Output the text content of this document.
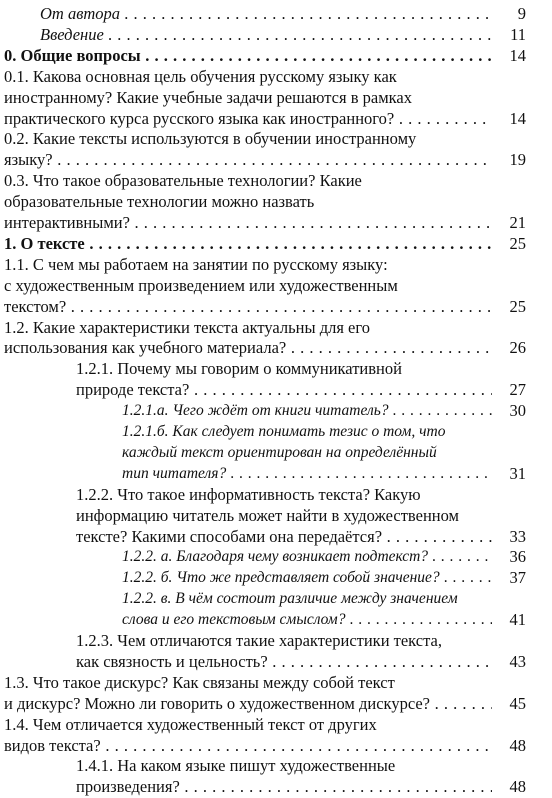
От автора . . .	9
Введение . . .	11
0. Общие вопросы . . .	14
0.1. Какова основная цель обучения русскому языку как
иностранному? Какие учебные задачи решаются в рамках
практического курса русского языка как иностранного? . . .	14
0.2. Какие тексты используются в обучении иностранному
языку? . . .	19
0.3. Что такое образовательные технологии? Какие
образовательные технологии можно назвать
интерактивными? . . .	21
1. О тексте . . .	25
1.1. С чем мы работаем на занятии по русскому языку:
с художественным произведением или художественным
текстом? . . .	25
1.2. Какие характеристики текста актуальны для его
использования как учебного материала? . . .	26
1.2.1. Почему мы говорим о коммуникативной
природе текста? . . .	27
1.2.1.а. Чего ждёт от книги читатель? . . .	30
1.2.1.б. Как следует понимать тезис о том, что
каждый текст ориентирован на определённый
тип читателя? . . .	31
1.2.2. Что такое информативность текста? Какую
информацию читатель может найти в художественном
тексте? Какими способами она передаётся? . . .	33
1.2.2. а. Благодаря чему возникает подтекст? . . .	36
1.2.2. б. Что же представляет собой значение? . . .	37
1.2.2. в. В чём состоит различие между значением
слова и его текстовым смыслом? . . .	41
1.2.3. Чем отличаются такие характеристики текста,
как связность и цельность? . . .	43
1.3. Что такое дискурс? Как связаны между собой текст
и дискурс? Можно ли говорить о художественном дискурсе? . . .	45
1.4. Чем отличается художественный текст от других
видов текста? . . .	48
1.4.1. На каком языке пишут художественные
произведения? . . .	48
